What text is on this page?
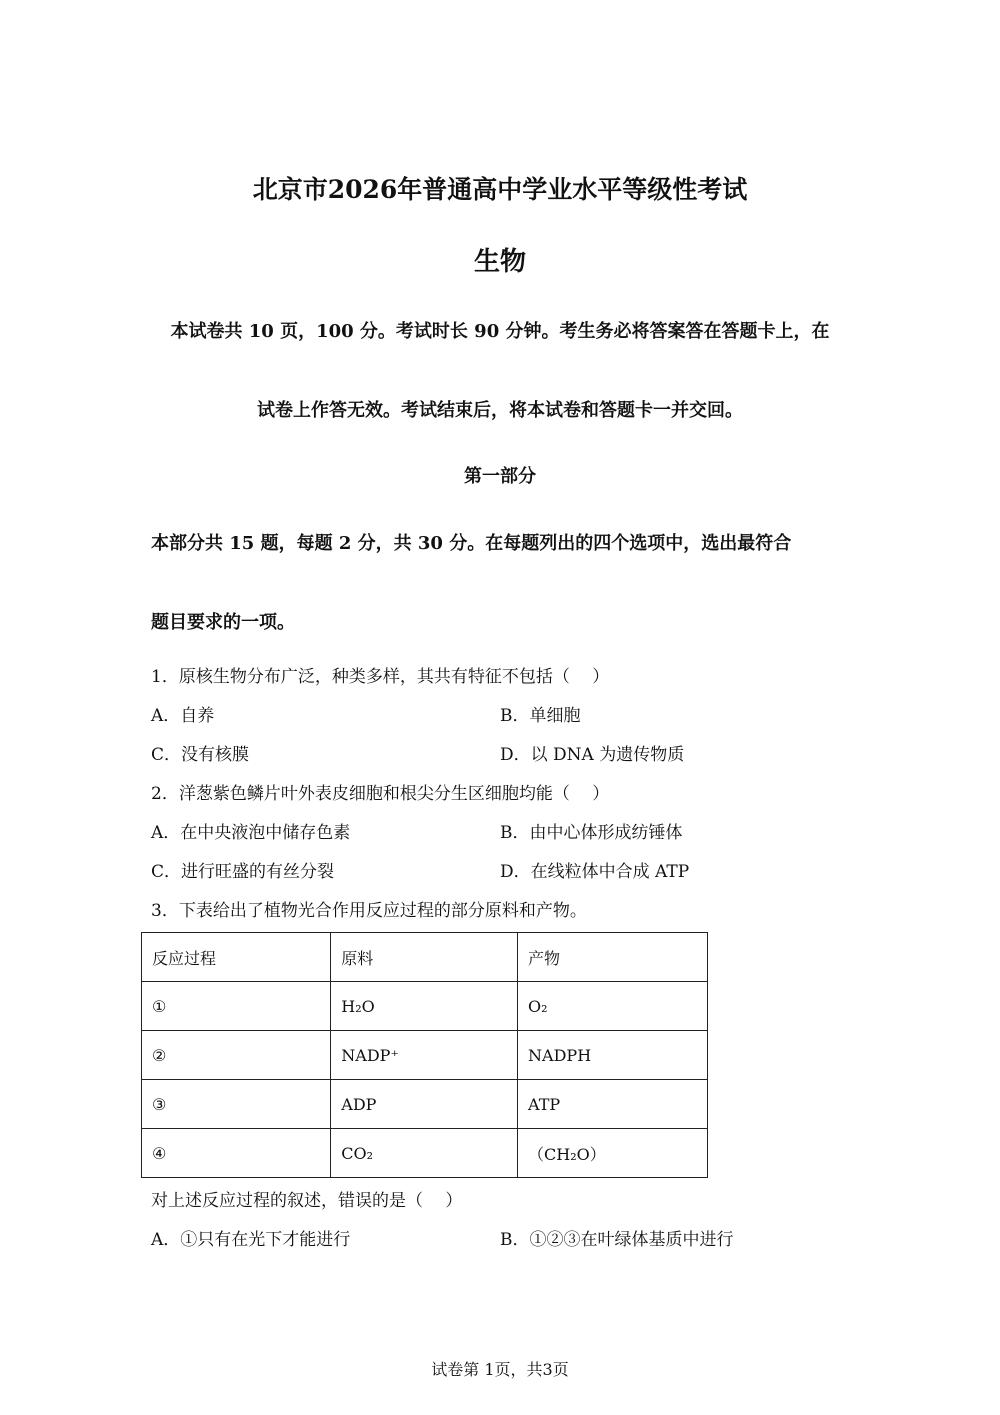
北京市2026年普通高中学业水平等级性考试
生物
本试卷共 10 页，100 分。考试时长 90 分钟。考生务必将答案答在答题卡上，在
试卷上作答无效。考试结束后，将本试卷和答题卡一并交回。
第一部分
本部分共 15 题，每题 2 分，共 30 分。在每题列出的四个选项中，选出最符合
题目要求的一项。
1．原核生物分布广泛，种类多样，其共有特征不包括（　 ）
A．自养	B．单细胞
C．没有核膜	D．以 DNA 为遗传物质
2．洋葱紫色鳞片叶外表皮细胞和根尖分生区细胞均能（　 ）
A．在中央液泡中储存色素	B．由中心体形成纺锤体
C．进行旺盛的有丝分裂	D．在线粒体中合成 ATP
3．下表给出了植物光合作用反应过程的部分原料和产物。
反应过程	原料	产物
①	H₂O	O₂
②	NADP⁺	NADPH
③	ADP	ATP
④	CO₂	（CH₂O）
对上述反应过程的叙述，错误的是（　 ）
A．①只有在光下才能进行	B．①②③在叶绿体基质中进行
试卷第 1页，共3页
